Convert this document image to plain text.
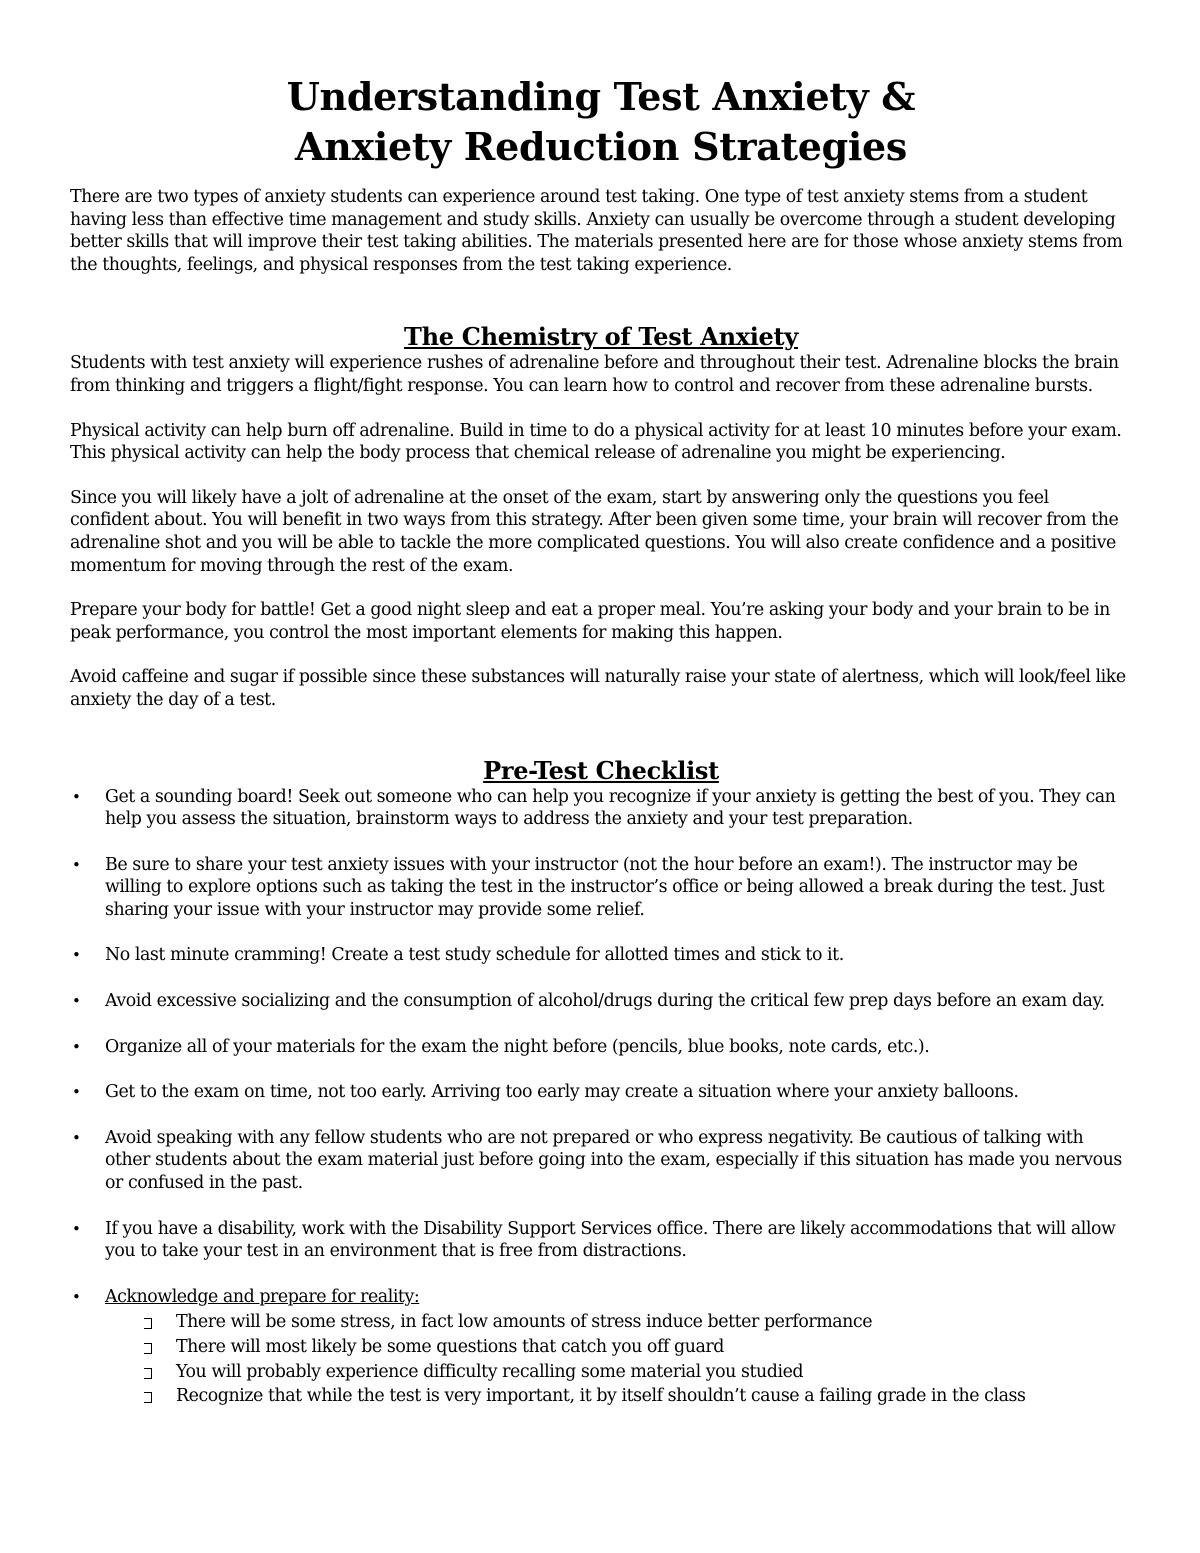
Understanding Test Anxiety &
Anxiety Reduction Strategies

There are two types of anxiety students can experience around test taking. One type of test anxiety stems from a student having less than effective time management and study skills. Anxiety can usually be overcome through a student developing better skills that will improve their test taking abilities. The materials presented here are for those whose anxiety stems from the thoughts, feelings, and physical responses from the test taking experience.

The Chemistry of Test Anxiety

Students with test anxiety will experience rushes of adrenaline before and throughout their test. Adrenaline blocks the brain from thinking and triggers a flight/fight response. You can learn how to control and recover from these adrenaline bursts.

Physical activity can help burn off adrenaline. Build in time to do a physical activity for at least 10 minutes before your exam. This physical activity can help the body process that chemical release of adrenaline you might be experiencing.

Since you will likely have a jolt of adrenaline at the onset of the exam, start by answering only the questions you feel confident about. You will benefit in two ways from this strategy. After been given some time, your brain will recover from the adrenaline shot and you will be able to tackle the more complicated questions. You will also create confidence and a positive momentum for moving through the rest of the exam.

Prepare your body for battle! Get a good night sleep and eat a proper meal. You’re asking your body and your brain to be in peak performance, you control the most important elements for making this happen.

Avoid caffeine and sugar if possible since these substances will naturally raise your state of alertness, which will look/feel like anxiety the day of a test.

Pre-Test Checklist
• Get a sounding board! Seek out someone who can help you recognize if your anxiety is getting the best of you. They can help you assess the situation, brainstorm ways to address the anxiety and your test preparation.
• Be sure to share your test anxiety issues with your instructor (not the hour before an exam!). The instructor may be willing to explore options such as taking the test in the instructor’s office or being allowed a break during the test. Just sharing your issue with your instructor may provide some relief.
• No last minute cramming! Create a test study schedule for allotted times and stick to it.
• Avoid excessive socializing and the consumption of alcohol/drugs during the critical few prep days before an exam day.
• Organize all of your materials for the exam the night before (pencils, blue books, note cards, etc.).
• Get to the exam on time, not too early. Arriving too early may create a situation where your anxiety balloons.
• Avoid speaking with any fellow students who are not prepared or who express negativity. Be cautious of talking with other students about the exam material just before going into the exam, especially if this situation has made you nervous or confused in the past.
• If you have a disability, work with the Disability Support Services office. There are likely accommodations that will allow you to take your test in an environment that is free from distractions.
• Acknowledge and prepare for reality:
There will be some stress, in fact low amounts of stress induce better performance
There will most likely be some questions that catch you off guard
You will probably experience difficulty recalling some material you studied
Recognize that while the test is very important, it by itself shouldn’t cause a failing grade in the class
